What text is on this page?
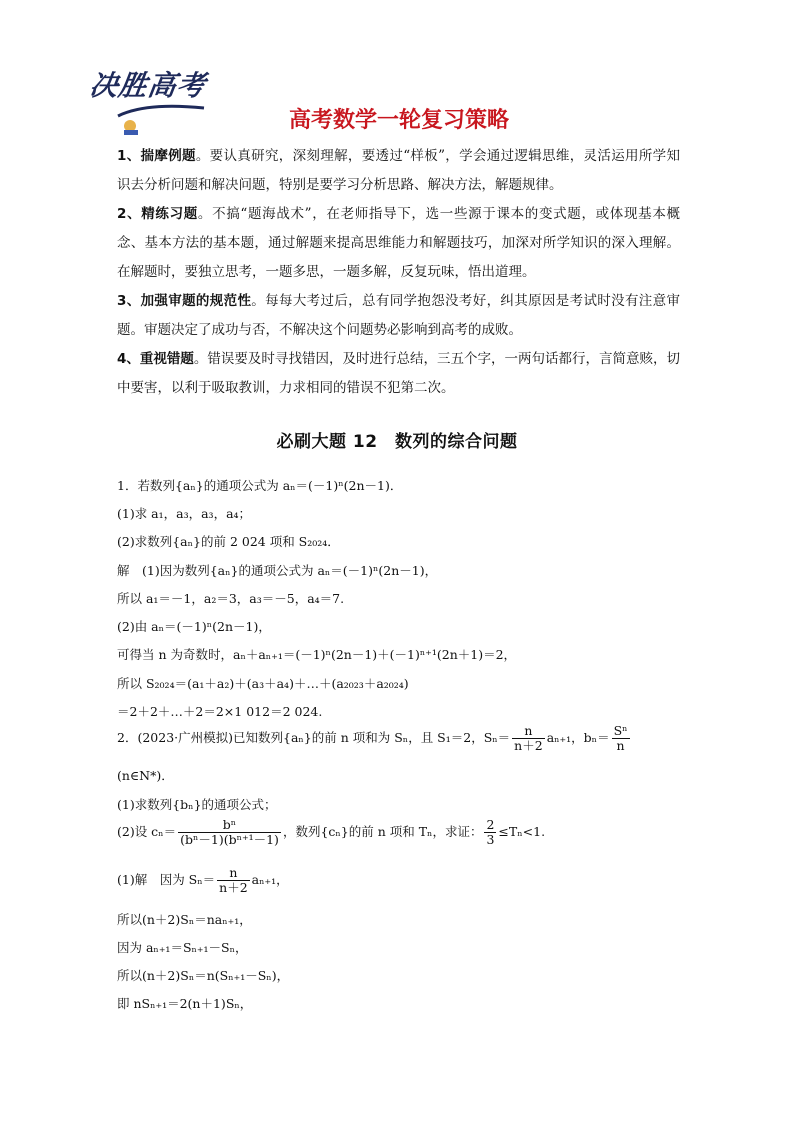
决胜高考
高考数学一轮复习策略
1、揣摩例题。要认真研究，深刻理解，要透过“样板”，学会通过逻辑思维，灵活运用所学知识去分析问题和解决问题，特别是要学习分析思路、解决方法，解题规律。
2、精练习题。不搞“题海战术”，在老师指导下，选一些源于课本的变式题，或体现基本概念、基本方法的基本题，通过解题来提高思维能力和解题技巧，加深对所学知识的深入理解。在解题时，要独立思考，一题多思，一题多解，反复玩味，悟出道理。
3、加强审题的规范性。每每大考过后，总有同学抱怨没考好，纠其原因是考试时没有注意审题。审题决定了成功与否，不解决这个问题势必影响到高考的成败。
4、重视错题。错误要及时寻找错因，及时进行总结，三五个字，一两句话都行，言简意赅，切中要害，以利于吸取教训，力求相同的错误不犯第二次。
必刷大题 12　数列的综合问题
1．若数列{aₙ}的通项公式为 aₙ＝(－1)ⁿ(2n－1)．
(1)求 a₁，a₃，a₃，a₄；
(2)求数列{aₙ}的前 2 024 项和 S₂₀₂₄．
解　(1)因为数列{aₙ}的通项公式为 aₙ＝(－1)ⁿ(2n－1)，
所以 a₁＝－1，a₂＝3，a₃＝－5，a₄＝7.
(2)由 aₙ＝(－1)ⁿ(2n－1)，
可得当 n 为奇数时，aₙ＋aₙ₊₁＝(－1)ⁿ(2n－1)＋(－1)ⁿ⁺¹(2n＋1)＝2，
所以 S₂₀₂₄＝(a₁＋a₂)＋(a₃＋a₄)＋…＋(a₂₀₂₃＋a₂₀₂₄)
＝2＋2＋…＋2＝2×1 012＝2 024.
2．(2023·广州模拟)已知数列{aₙ}的前 n 项和为 Sₙ，且 S₁＝2，$S_n= \frac{n}{n+2} a_{n+1}$，$b_n= \frac{\text{Sⁿ}}{n}$
(n∈N*)．
(1)求数列{bₙ}的通项公式；
(2)设 $c_n= \frac{\text{bⁿ}}{\text{(bⁿ－1)(bⁿ⁺¹－1)}}$ ，数列{cₙ}的前 n 项和 Tₙ，求证： $\frac{2}{3} \le T_n<1$.
(1)解　因为 $S_n= \frac{n}{n+2} a_{n+1}$，
所以(n＋2)Sₙ＝naₙ₊₁，
因为 aₙ₊₁＝Sₙ₊₁－Sₙ，
所以(n＋2)Sₙ＝n(Sₙ₊₁－Sₙ)，
即 nSₙ₊₁＝2(n＋1)Sₙ，
